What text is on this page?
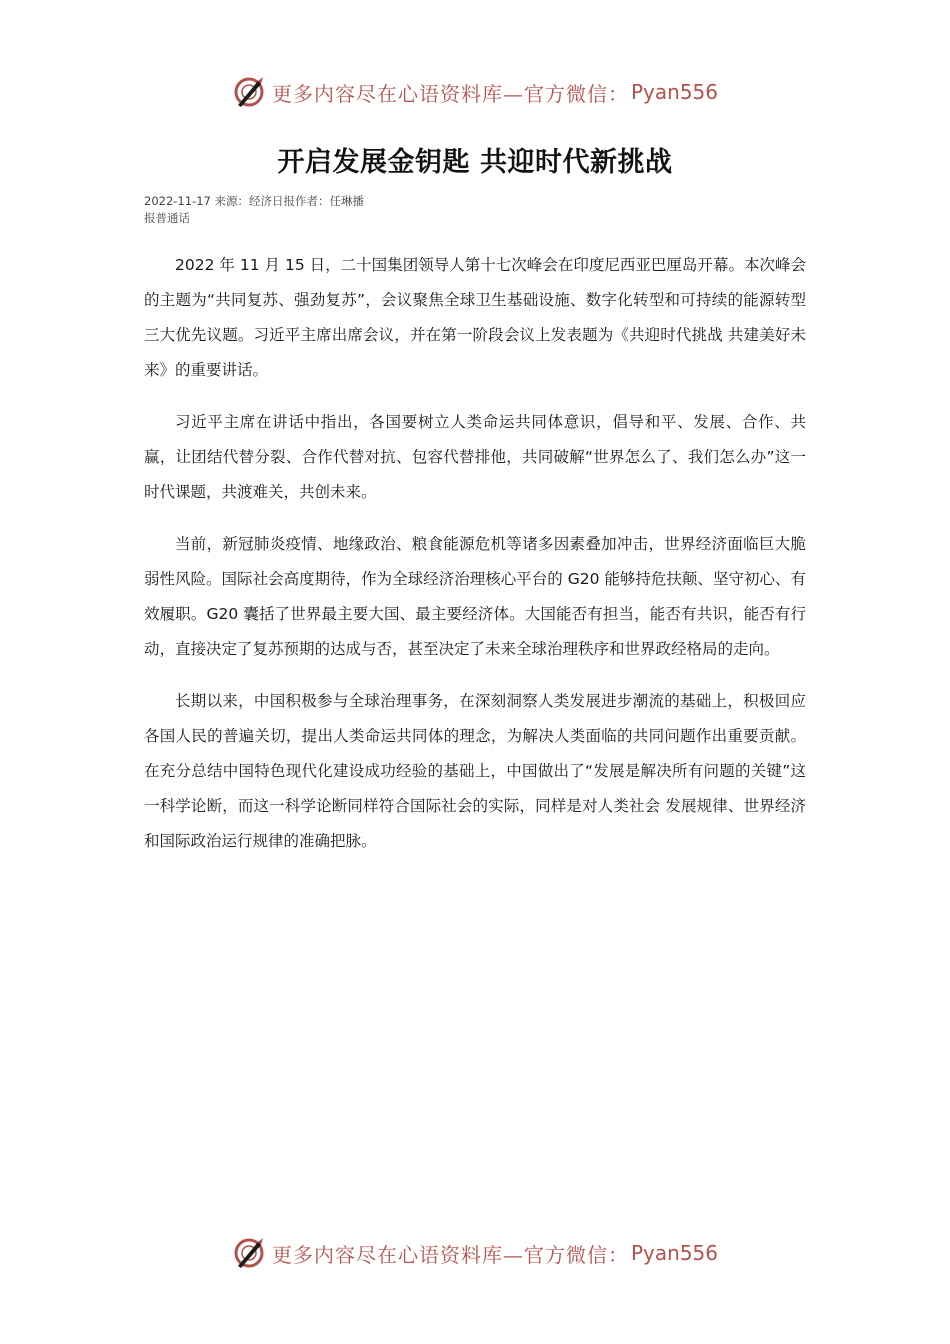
更多内容尽在心语资料库—官方微信： Pyan556
开启发展金钥匙 共迎时代新挑战
2022-11-17 来源：经济日报作者：任琳播报普通话

2022 年 11 月 15 日，二十国集团领导人第十七次峰会在印度尼西亚巴厘岛开幕。本次峰会的主题为“共同复苏、强劲复苏”，会议聚焦全球卫生基础设施、数字化转型和可持续的能源转型三大优先议题。习近平主席出席会议，并在第一阶段会议上发表题为《共迎时代挑战 共建美好未来》的重要讲话。

习近平主席在讲话中指出，各国要树立人类命运共同体意识，倡导和平、发展、合作、共赢，让团结代替分裂、合作代替对抗、包容代替排他，共同破解“世界怎么了、我们怎么办”这一时代课题，共渡难关，共创未来。

当前，新冠肺炎疫情、地缘政治、粮食能源危机等诸多因素叠加冲击，世界经济面临巨大脆弱性风险。国际社会高度期待，作为全球经济治理核心平台的 G20 能够持危扶颠、坚守初心、有效履职。G20 囊括了世界最主要大国、最主要经济体。大国能否有担当，能否有共识，能否有行动，直接决定了复苏预期的达成与否，甚至决定了未来全球治理秩序和世界政经格局的走向。

长期以来，中国积极参与全球治理事务，在深刻洞察人类发展进步潮流的基础上，积极回应各国人民的普遍关切，提出人类命运共同体的理念，为解决人类面临的共同问题作出重要贡献。在充分总结中国特色现代化建设成功经验的基础上，中国做出了“发展是解决所有问题的关键”这一科学论断，而这一科学论断同样符合国际社会的实际，同样是对人类社会 发展规律、世界经济和国际政治运行规律的准确把脉。

更多内容尽在心语资料库—官方微信： Pyan556
